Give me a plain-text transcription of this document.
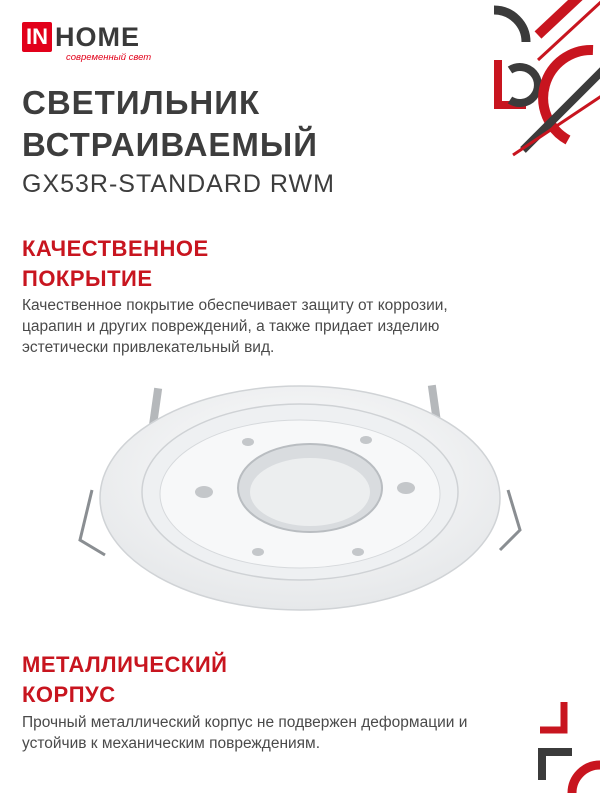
IN HOME
современный свет
СВЕТИЛЬНИК
ВСТРАИВАЕМЫЙ
GX53R-STANDARD RWM
КАЧЕСТВЕННОЕ
ПОКРЫТИЕ

Качественное покрытие обеспечивает защиту от коррозии, царапин и других повреждений, а также придает изделию эстетически привлекательный вид.

МЕТАЛЛИЧЕСКИЙ
КОРПУС

Прочный металлический корпус не подвержен деформации и устойчив к механическим повреждениям.
